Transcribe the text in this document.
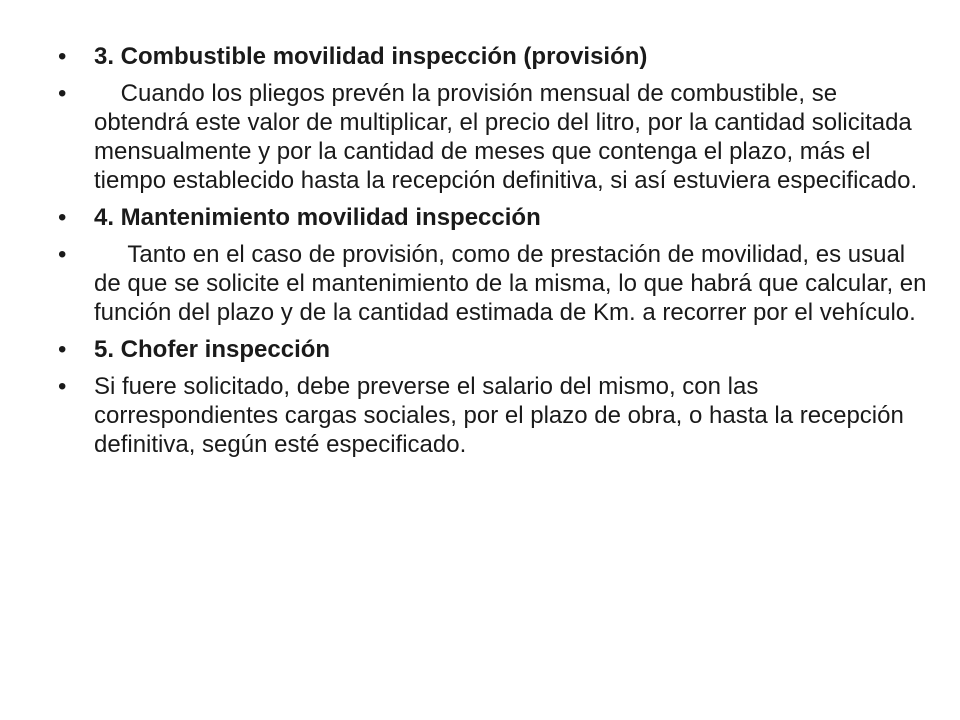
•	3. Combustible movilidad inspección (provisión)
•	Cuando los pliegos prevén la provisión mensual de combustible, se obtendrá este valor de multiplicar, el precio del litro, por la cantidad solicitada mensualmente y por la cantidad de meses que contenga el plazo, más el tiempo establecido hasta la recepción definitiva, si así estuviera especificado.
•	4. Mantenimiento movilidad inspección
•	Tanto en el caso de provisión, como de prestación de movilidad, es usual de que se solicite el mantenimiento de la misma, lo que habrá que calcular, en función del plazo y de la cantidad estimada de Km. a recorrer por el vehículo.
•	5. Chofer inspección
•	Si fuere solicitado, debe preverse el salario del mismo, con las correspondientes cargas sociales, por el plazo de obra, o hasta la recepción definitiva, según esté especificado.
